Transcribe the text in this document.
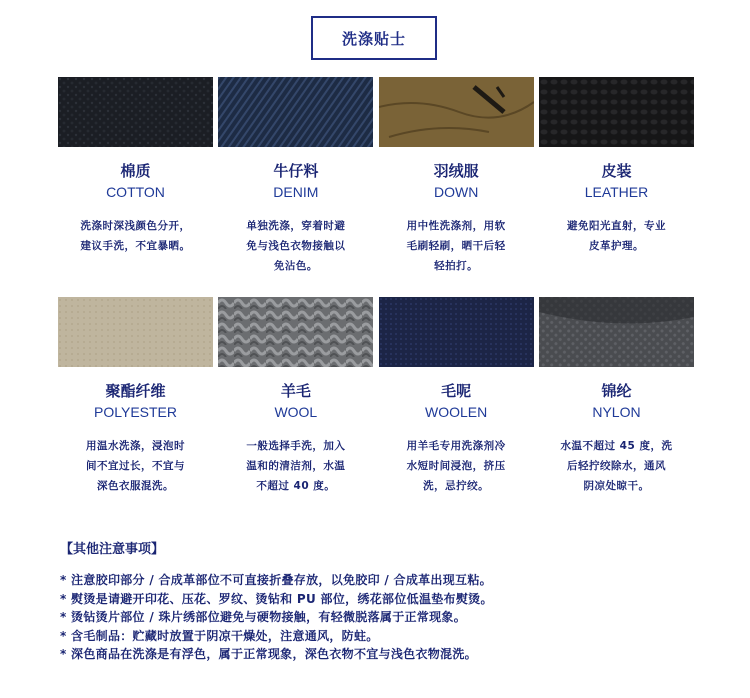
洗涤贴士
棉质
COTTON
洗涤时深浅颜色分开，
建议手洗，不宜暴晒。
牛仔料
DENIM
单独洗涤，穿着时避
免与浅色衣物接触以
免沾色。
羽绒服
DOWN
用中性洗涤剂，用软
毛刷轻刷，晒干后轻
轻拍打。
皮装
LEATHER
避免阳光直射，专业
皮革护理。
聚酯纤维
POLYESTER
用温水洗涤，浸泡时
间不宜过长，不宜与
深色衣服混洗。
羊毛
WOOL
一般选择手洗，加入
温和的清洁剂，水温
不超过 40 度。
毛呢
WOOLEN
用羊毛专用洗涤剂冷
水短时间浸泡，挤压
洗，忌拧绞。
锦纶
NYLON
水温不超过 45 度，洗
后轻拧绞除水，通风
阴凉处晾干。
【其他注意事项】
* 注意胶印部分 / 合成革部位不可直接折叠存放，以免胶印 / 合成革出现互粘。
* 熨烫是请避开印花、压花、罗纹、烫钻和 PU 部位，绣花部位低温垫布熨烫。
* 烫钻烫片部位 / 珠片绣部位避免与硬物接触，有轻微脱落属于正常现象。
* 含毛制品：贮藏时放置于阴凉干燥处，注意通风，防蛀。
* 深色商品在洗涤是有浮色，属于正常现象，深色衣物不宜与浅色衣物混洗。
